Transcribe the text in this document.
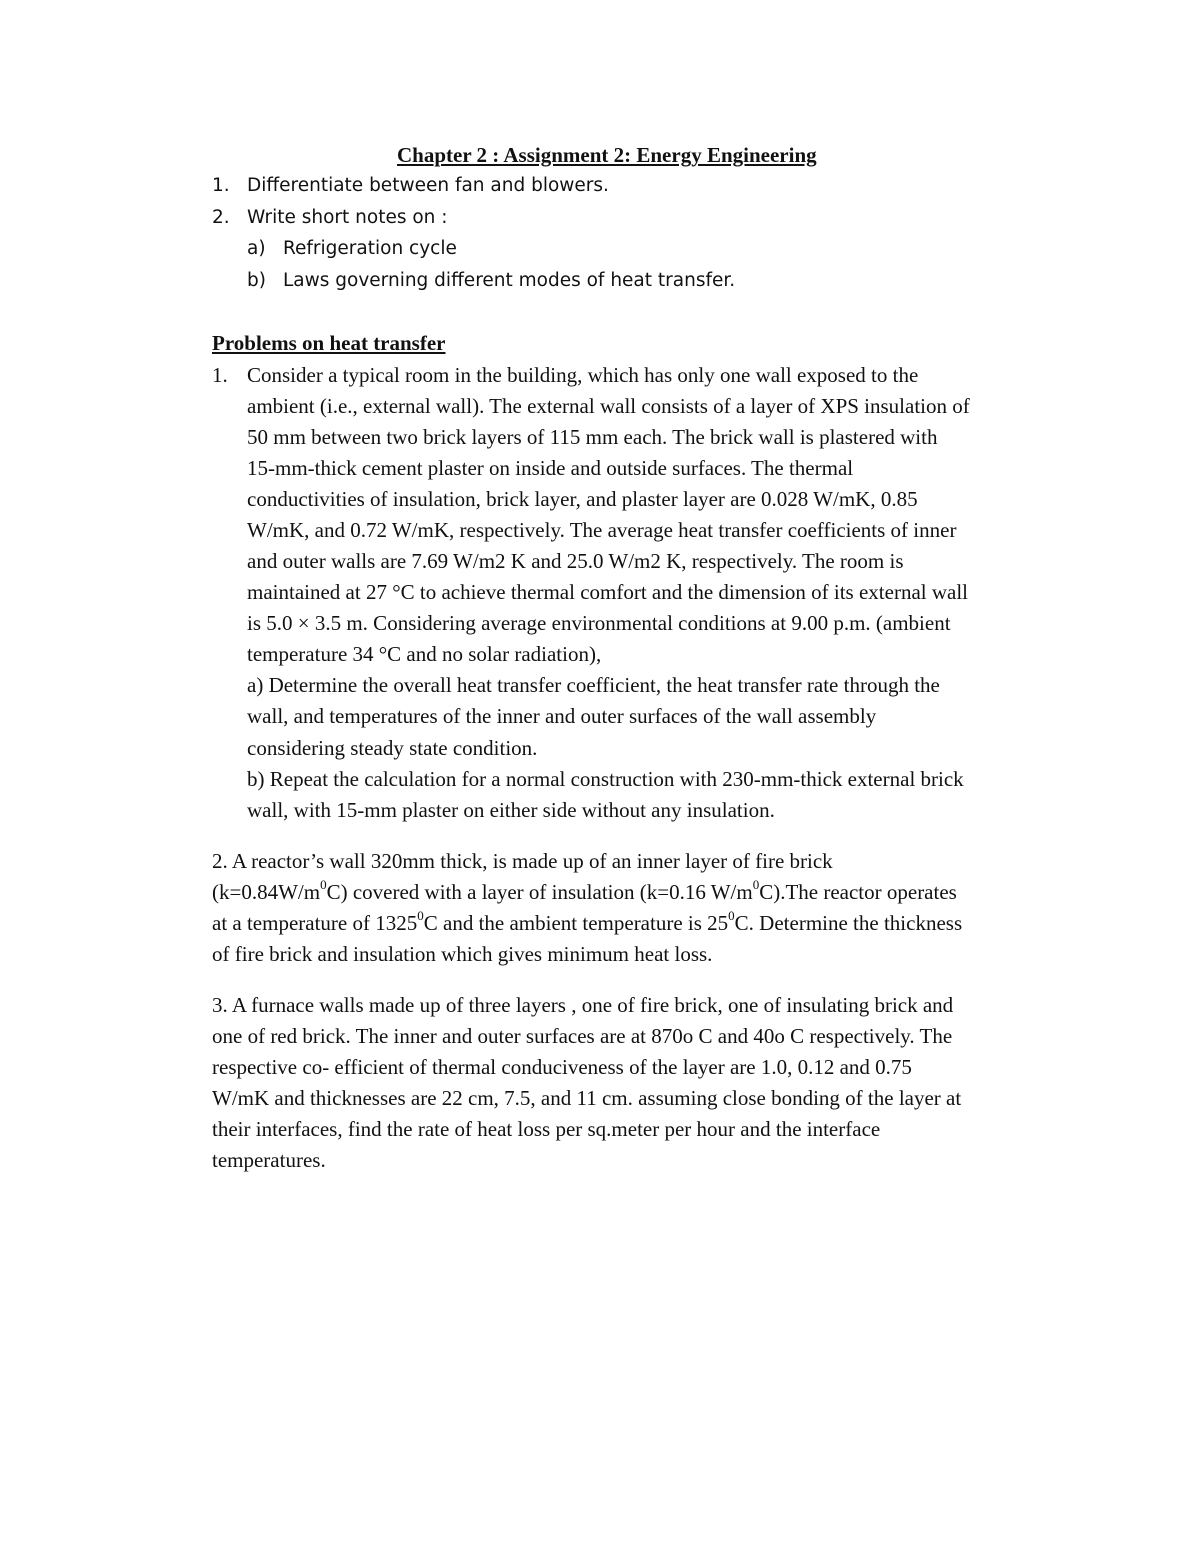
Chapter 2 : Assignment 2: Energy Engineering
1. Differentiate between fan and blowers.
2. Write short notes on :
a) Refrigeration cycle
b) Laws governing different modes of heat transfer.
Problems on heat transfer
1. Consider a typical room in the building, which has only one wall exposed to the
ambient (i.e., external wall). The external wall consists of a layer of XPS insulation of
50 mm between two brick layers of 115 mm each. The brick wall is plastered with
15-mm-thick cement plaster on inside and outside surfaces. The thermal
conductivities of insulation, brick layer, and plaster layer are 0.028 W/mK, 0.85
W/mK, and 0.72 W/mK, respectively. The average heat transfer coefficients of inner
and outer walls are 7.69 W/m2 K and 25.0 W/m2 K, respectively. The room is
maintained at 27 °C to achieve thermal comfort and the dimension of its external wall
is 5.0 × 3.5 m. Considering average environmental conditions at 9.00 p.m. (ambient
temperature 34 °C and no solar radiation),
a) Determine the overall heat transfer coefficient, the heat transfer rate through the
wall, and temperatures of the inner and outer surfaces of the wall assembly
considering steady state condition.
b) Repeat the calculation for a normal construction with 230-mm-thick external brick
wall, with 15-mm plaster on either side without any insulation.
2. A reactor’s wall 320mm thick, is made up of an inner layer of fire brick
$(k=0.84W/m^0C)$ covered with a layer of insulation (k=0.16 $W/m^0C).The$ reactor operates
at a temperature of 1325$^0$C and the ambient temperature is $25^0C$. Determine the thickness
of fire brick and insulation which gives minimum heat loss.
3. A furnace walls made up of three layers , one of fire brick, one of insulating brick and
one of red brick. The inner and outer surfaces are at 870o C and 40o C respectively. The
respective co- efficient of thermal conduciveness of the layer are 1.0, 0.12 and 0.75
W/mK and thicknesses are 22 cm, 7.5, and 11 cm. assuming close bonding of the layer at
their interfaces, find the rate of heat loss per sq.meter per hour and the interface
temperatures.
